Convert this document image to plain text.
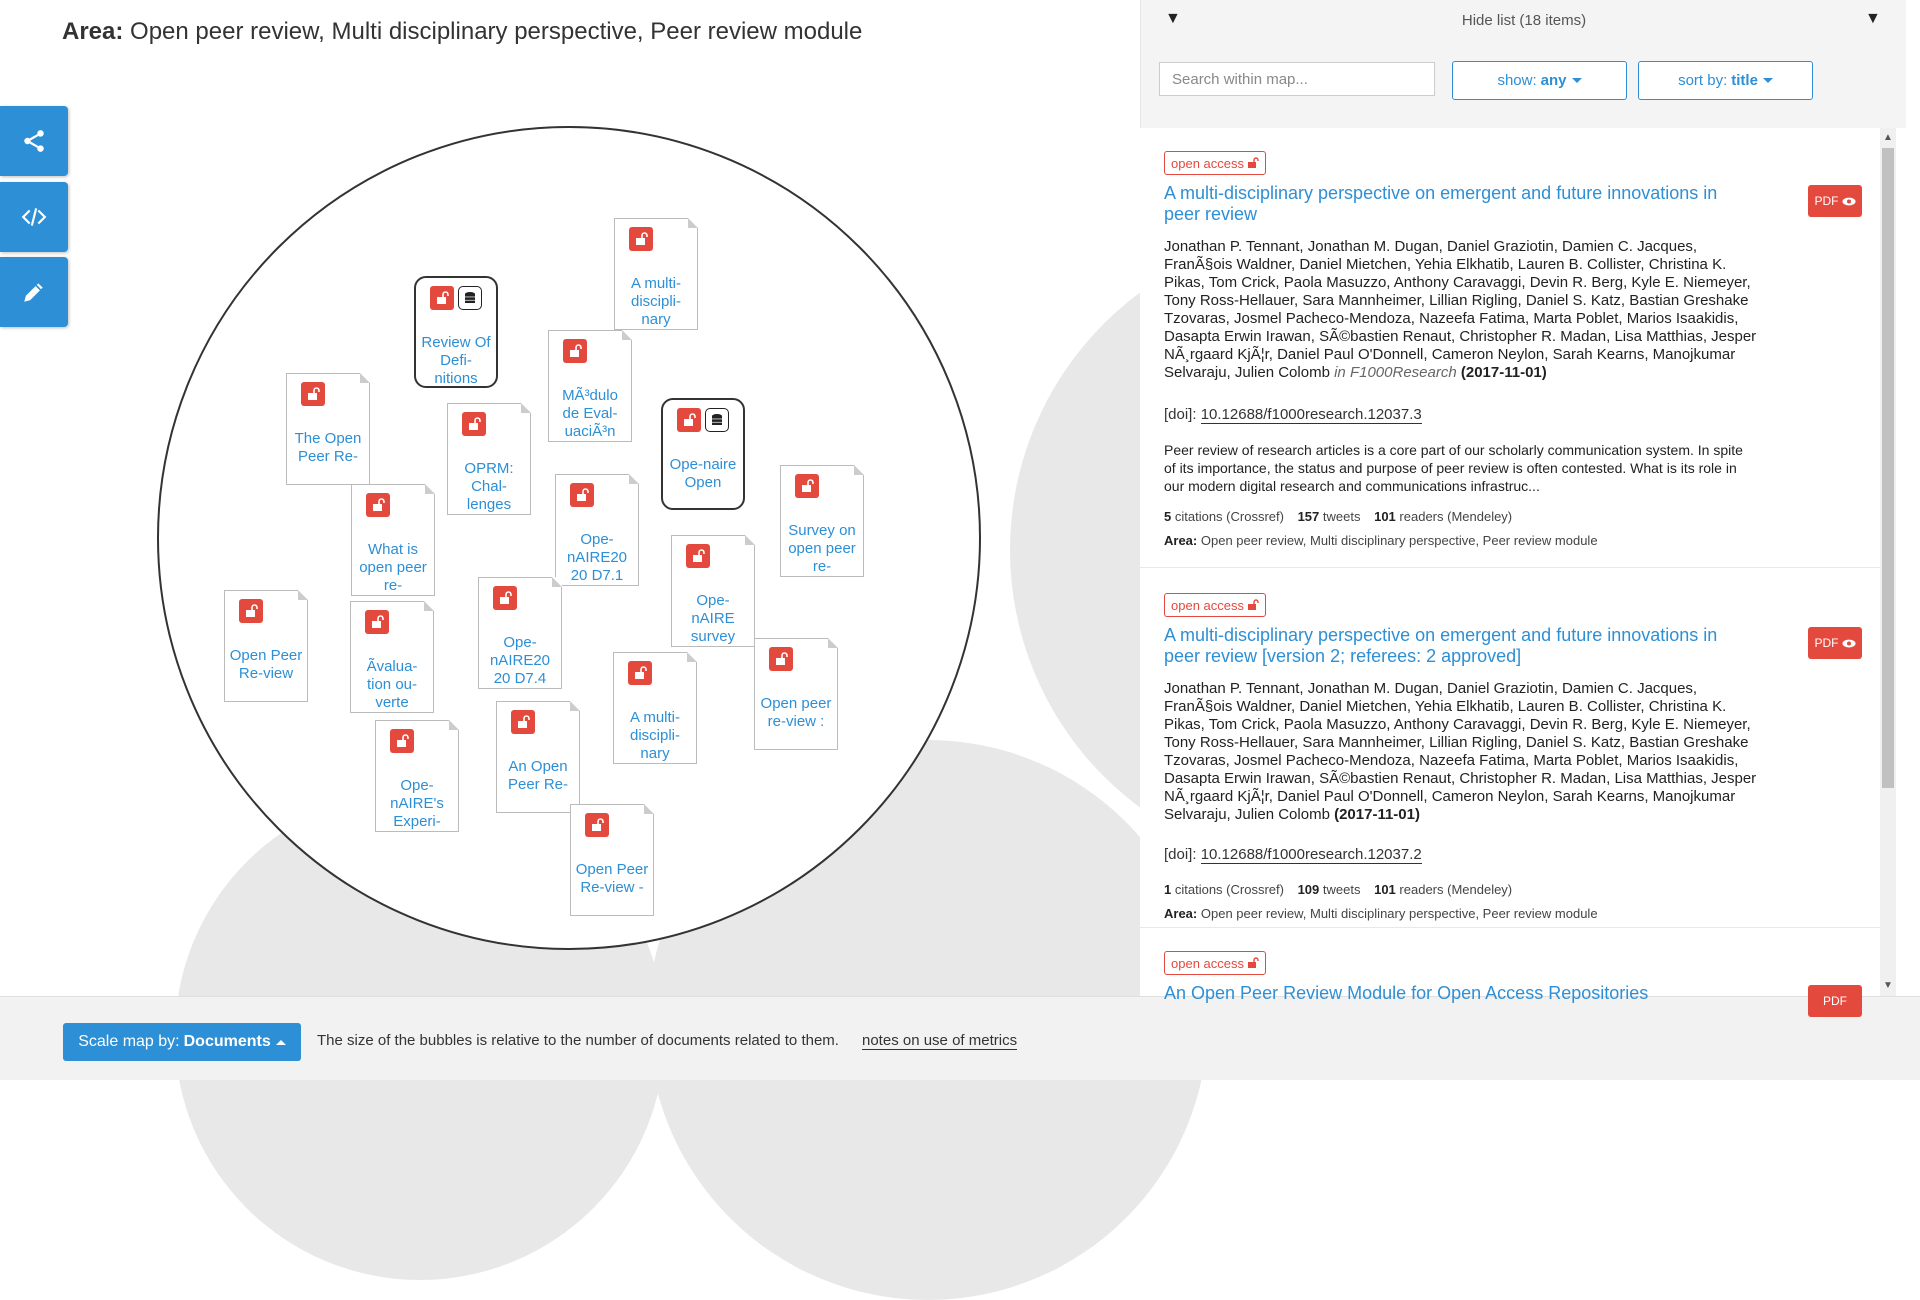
Area: Open peer review, Multi disciplinary perspective, Peer review module
A multi-discipli-nary
Review Of Defi-nitions
MÃ³dulo de Eval-uaciÃ³n
The Open Peer Re-
OPRM: Chal-lenges
Ope-naire Open
Survey on open peer re-
What is open peer re-
Ope-nAIRE20 20 D7.1
Ope-nAIRE survey
Open Peer Re-view	Ãvalua-tion ou-verte
Ope-nAIRE20 20 D7.4
A multi-discipli-nary
Open peer re-view :
Ope-nAIRE's Experi-
An Open Peer Re-
Open Peer Re-view -
Scale map by: Documents	The size of the bubbles is relative to the number of documents related to them. notes on use of metrics
▼	Hide list (18 items)	▼
Search within map...
show: any	sort by: title
open access
A multi-disciplinary perspective on emergent and future innovations in peer review
PDF
Jonathan P. Tennant, Jonathan M. Dugan, Daniel Graziotin, Damien C. Jacques, FranÃ§ois Waldner, Daniel Mietchen, Yehia Elkhatib, Lauren B. Collister, Christina K. Pikas, Tom Crick, Paola Masuzzo, Anthony Caravaggi, Devin R. Berg, Kyle E. Niemeyer, Tony Ross-Hellauer, Sara Mannheimer, Lillian Rigling, Daniel S. Katz, Bastian Greshake Tzovaras, Josmel Pacheco-Mendoza, Nazeefa Fatima, Marta Poblet, Marios Isaakidis, Dasapta Erwin Irawan, SÃ©bastien Renaut, Christopher R. Madan, Lisa Matthias, Jesper NÃ¸rgaard KjÃ¦r, Daniel Paul O'Donnell, Cameron Neylon, Sarah Kearns, Manojkumar Selvaraju, Julien Colomb in F1000Research (2017-11-01)
[doi]: 10.12688/f1000research.12037.3
Peer review of research articles is a core part of our scholarly communication system. In spite of its importance, the status and purpose of peer review is often contested. What is its role in our modern digital research and communications infrastruc...
5 citations (Crossref) 157 tweets 101 readers (Mendeley)
Area: Open peer review, Multi disciplinary perspective, Peer review module
open access
A multi-disciplinary perspective on emergent and future innovations in peer review [version 2; referees: 2 approved]
PDF
Jonathan P. Tennant, Jonathan M. Dugan, Daniel Graziotin, Damien C. Jacques, FranÃ§ois Waldner, Daniel Mietchen, Yehia Elkhatib, Lauren B. Collister, Christina K. Pikas, Tom Crick, Paola Masuzzo, Anthony Caravaggi, Devin R. Berg, Kyle E. Niemeyer, Tony Ross-Hellauer, Sara Mannheimer, Lillian Rigling, Daniel S. Katz, Bastian Greshake Tzovaras, Josmel Pacheco-Mendoza, Nazeefa Fatima, Marta Poblet, Marios Isaakidis, Dasapta Erwin Irawan, SÃ©bastien Renaut, Christopher R. Madan, Lisa Matthias, Jesper NÃ¸rgaard KjÃ¦r, Daniel Paul O'Donnell, Cameron Neylon, Sarah Kearns, Manojkumar Selvaraju, Julien Colomb (2017-11-01)
[doi]: 10.12688/f1000research.12037.2
1 citations (Crossref) 109 tweets 101 readers (Mendeley)
Area: Open peer review, Multi disciplinary perspective, Peer review module
open access
An Open Peer Review Module for Open Access Repositories	PDF
▲
▼
